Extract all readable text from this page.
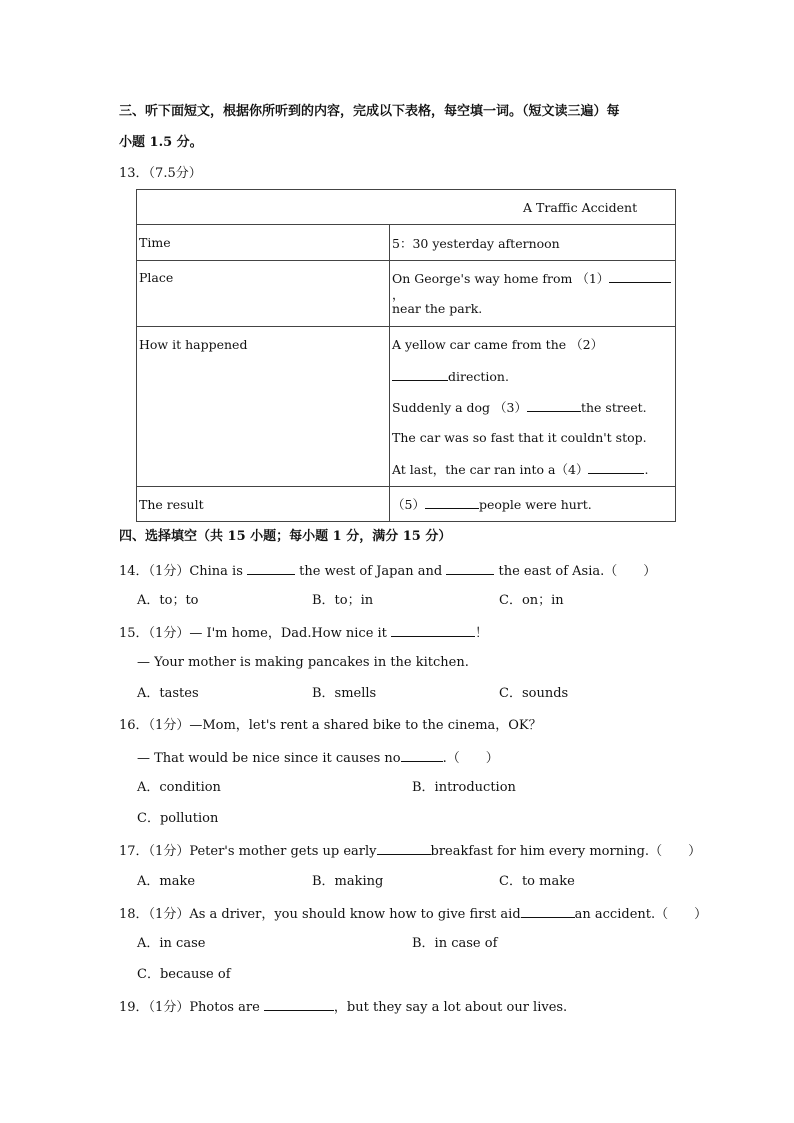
三、听下面短文，根据你所听到的内容，完成以下表格，每空填一词。（短文读三遍）每
小题 1.5 分。
13．（7.5分）
A Traffic Accident	
Time	5：30 yesterday afternoon
Place	On George's way home from （1），
near the park.

How it happened	A yellow car came from the （2）
direction.
Suddenly a dog （3） the street.
The car was so fast that it couldn't stop.
At last，the car ran into a（4） .

The result	（5） people were hurt.
四、选择填空（共 15 小题；每小题 1 分，满分 15 分）
14．（1分）China is	the west of Japan and	the east of Asia.（　　）
A．to；to	B．to；in	C．on；in
15．（1分）— I'm home，Dad.How nice it	！
— Your mother is making pancakes in the kitchen.
A．tastes	B．smells	C．sounds
16．（1分）—Mom，let's rent a shared bike to the cinema，OK？
— That would be nice since it causes no	.（　　）
A．condition	B．introduction
C．pollution
17．（1分）Peter's mother gets up early	breakfast for him every morning.（　　）
A．make	B．making	C．to make
18．（1分）As a driver，you should know how to give first aid	an accident.（　　）
A．in case	B．in case of
C．because of
19．（1分）Photos are	，but they say a lot about our lives.
